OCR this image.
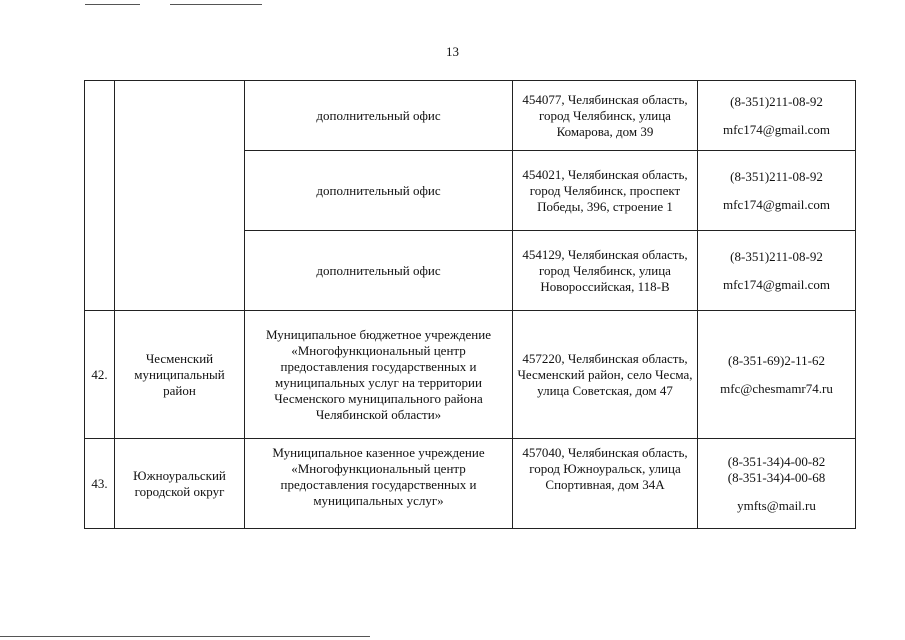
13
		дополнительный офис	454077, Челябинская область, город Челябинск, улица Комарова, дом 39	(8-351)211-08-92
mfc174@gmail.com

		дополнительный офис	454021, Челябинская область, город Челябинск, проспект Победы, 396, строение 1	(8-351)211-08-92
mfc174@gmail.com

		дополнительный офис	454129, Челябинская область, город Челябинск, улица Новороссийская, 118-В	(8-351)211-08-92
mfc174@gmail.com

42.	Чесменский муниципальный район	Муниципальное бюджетное учреждение «Многофункциональный центр предоставления государственных и муниципальных услуг на территории Чесменского муниципального района Челябинской области»	457220, Челябинская область, Чесменский район, село Чесма, улица Советская, дом 47	(8-351-69)2-11-62
mfc@chesmamr74.ru

43.	Южноуральский городской округ	Муниципальное казенное учреждение «Многофункциональный центр предоставления государственных и муниципальных услуг»	457040, Челябинская область, город Южноуральск, улица Спортивная, дом 34А	(8-351-34)4-00-82
(8-351-34)4-00-68
ymfts@mail.ru
